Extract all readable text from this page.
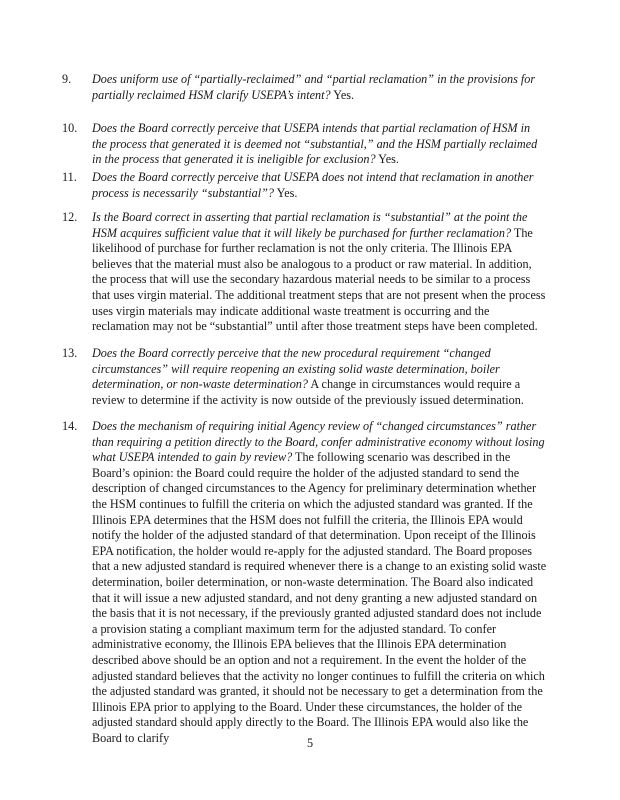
9.	Does uniform use of “partially-reclaimed” and “partial reclamation” in the provisions for partially reclaimed HSM clarify USEPA’s intent? Yes.

10.	Does the Board correctly perceive that USEPA intends that partial reclamation of HSM in the process that generated it is deemed not “substantial,” and the HSM partially reclaimed in the process that generated it is ineligible for exclusion? Yes.

11.	Does the Board correctly perceive that USEPA does not intend that reclamation in another process is necessarily “substantial”? Yes.

12.	Is the Board correct in asserting that partial reclamation is “substantial” at the point the HSM acquires sufficient value that it will likely be purchased for further reclamation? The likelihood of purchase for further reclamation is not the only criteria. The Illinois EPA believes that the material must also be analogous to a product or raw material. In addition, the process that will use the secondary hazardous material needs to be similar to a process that uses virgin material. The additional treatment steps that are not present when the process uses virgin materials may indicate additional waste treatment is occurring and the reclamation may not be “substantial” until after those treatment steps have been completed.

13.	Does the Board correctly perceive that the new procedural requirement “changed circumstances” will require reopening an existing solid waste determination, boiler determination, or non-waste determination? A change in circumstances would require a review to determine if the activity is now outside of the previously issued determination.

14.	Does the mechanism of requiring initial Agency review of “changed circumstances” rather than requiring a petition directly to the Board, confer administrative economy without losing what USEPA intended to gain by review? The following scenario was described in the Board’s opinion: the Board could require the holder of the adjusted standard to send the description of changed circumstances to the Agency for preliminary determination whether the HSM continues to fulfill the criteria on which the adjusted standard was granted. If the Illinois EPA determines that the HSM does not fulfill the criteria, the Illinois EPA would notify the holder of the adjusted standard of that determination. Upon receipt of the Illinois EPA notification, the holder would re-apply for the adjusted standard. The Board proposes that a new adjusted standard is required whenever there is a change to an existing solid waste determination, boiler determination, or non-waste determination. The Board also indicated that it will issue a new adjusted standard, and not deny granting a new adjusted standard on the basis that it is not necessary, if the previously granted adjusted standard does not include a provision stating a compliant maximum term for the adjusted standard. To confer administrative economy, the Illinois EPA believes that the Illinois EPA determination described above should be an option and not a requirement. In the event the holder of the adjusted standard believes that the activity no longer continues to fulfill the criteria on which the adjusted standard was granted, it should not be necessary to get a determination from the Illinois EPA prior to applying to the Board. Under these circumstances, the holder of the adjusted standard should apply directly to the Board. The Illinois EPA would also like the Board to clarify	5
